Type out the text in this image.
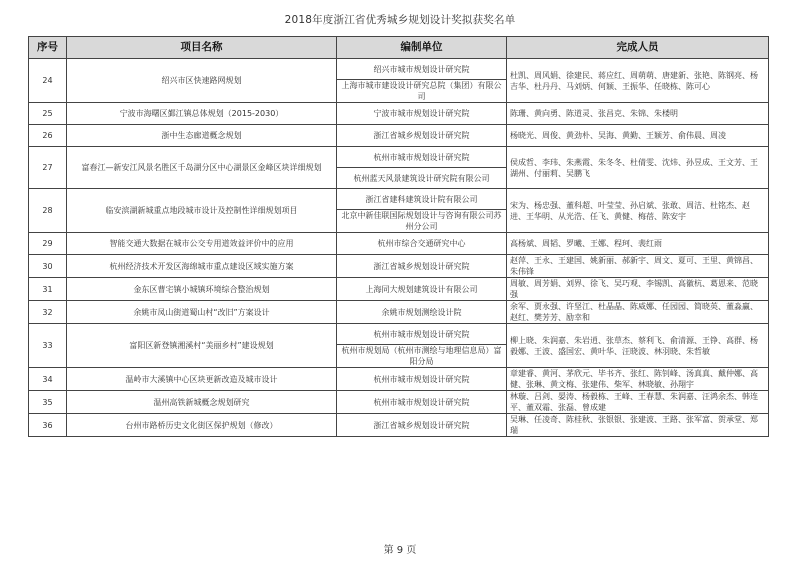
2018年度浙江省优秀城乡规划设计奖拟获奖名单
序号	项目名称	编制单位	完成人员
24	绍兴市区快速路网规划	绍兴市城市规划设计研究院	杜凯、周风娟、徐建民、蒋应红、周萌萌、唐建新、张艳、陈钢亮、杨吉华、杜丹丹、马刘炳、何颖、王振华、任晓栋、陈可心
		上海市城市建设设计研究总院（集团）有限公司	
25	宁波市海曙区鄞江镇总体规划（2015-2030）	宁波市城市规划设计研究院	陈珊、黄向勇、陈道灵、张昌克、朱锦、朱楼明
26	浙中生态廊道概念规划	浙江省城乡规划设计研究院	杨晓光、周俊、黄劲朴、吴海、黄勤、王颖芳、俞伟晨、周凌
27	富春江—新安江风景名胜区千岛湖分区中心湖景区金峰区块详细规划	杭州市城市规划设计研究院	侯成哲、李玮、朱燕霞、朱冬冬、杜倩雯、沈炜、孙昱成、王文芳、王湖州、付丽莉、吴鹏飞
		杭州蓝天风景建筑设计研究院有限公司	
28	临安滨湖新城重点地段城市设计及控制性详细规划项目	浙江省建科建筑设计院有限公司	宋为、杨忠强、董科超、叶莹莹、孙启斌、张敢、周洁、杜铭杰、赵进、王华明、从光浩、任飞、黄健、梅蓓、陈安宇
		北京中新佳联国际规划设计与咨询有限公司苏州分公司	
29	智能交通大数据在城市公交专用道效益评价中的应用	杭州市综合交通研究中心	高杨斌、周韬、罗曦、王娜、程珂、裴红雨
30	杭州经济技术开发区海绵城市重点建设区域实施方案	浙江省城乡规划设计研究院	赵萍、王永、王建国、姚新丽、郝新宇、周文、夏可、王里、黄锦昌、朱伟锋
31	金东区曹宅镇小城镇环境综合整治规划	上海同大规划建筑设计有限公司	周敏、周芳娟、刘界、徐飞、吴巧观、李锡凯、高徽杭、葛恩来、范晓强
32	余姚市凤山街道蜀山村“改旧”方案设计	余姚市规划测绘设计院	余军、贾永强、许坚江、杜晶晶、陈威娜、任园园、简晓英、董淼赢、赵红、樊芳芳、励幸和
33	富阳区新登镇湘溪村“美丽乡村”建设规划	杭州市城市规划设计研究院	柳上晓、朱润嘉、朱岩逍、张草杰、蔡利飞、俞清源、王铮、高群、杨毅娜、王波、盛国宏、黄叶华、汪晓波、林羽晓、朱哲敏
		杭州市规划局（杭州市测绘与地理信息局）富阳分局	
34	温岭市大溪镇中心区块更新改造及城市设计	杭州市城市规划设计研究院	章建睿、黄河、茅欣元、毕书齐、张红、陈钊峰、汤真真、戴仲娜、高健、张琳、黄文梅、张建伟、柴军、林晓敏、孙翔宇
35	温州高铁新城概念规划研究	杭州市城市规划设计研究院	林璇、吕剑、晏涛、杨毅栋、王峰、王春慧、朱润嘉、汪鸿余杰、韩连平、董双霜、张磊、曾成建
36	台州市路桥历史文化街区保护规划（修改）	浙江省城乡规划设计研究院	吴琳、任凌奇、陈桂秋、张银银、张建波、王路、张军富、贺承堂、郑瑞
第 9 页
